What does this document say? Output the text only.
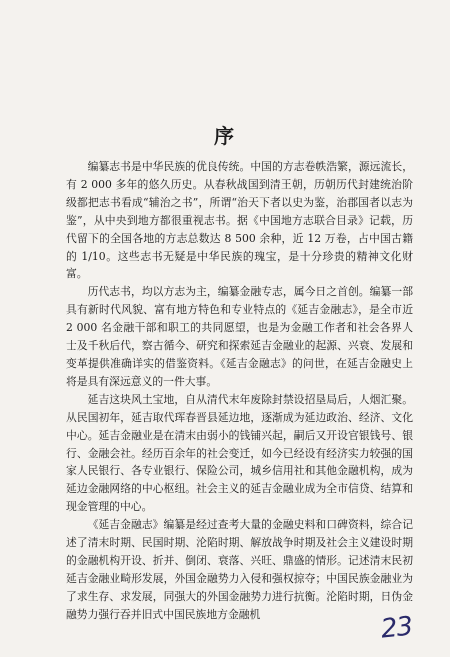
序

编纂志书是中华民族的优良传统。中国的方志卷帙浩繁，源远流长，有 2 000 多年的悠久历史。从春秋战国到清王朝，历朝历代封建统治阶级都把志书看成“辅治之书”，所谓“治天下者以史为鉴，治郡国者以志为鉴”，从中央到地方都很重视志书。据《中国地方志联合目录》记载，历代留下的全国各地的方志总数达 8 500 余种，近 12 万卷，占中国古籍的 1/10。这些志书无疑是中华民族的瑰宝，是十分珍贵的精神文化财富。

历代志书，均以方志为主，编纂金融专志，属今日之首创。编纂一部具有新时代风貌、富有地方特色和专业特点的《延吉金融志》，是全市近 2 000 名金融干部和职工的共同愿望，也是为金融工作者和社会各界人士及千秋后代，察古循今、研究和探索延吉金融业的起源、兴衰、发展和变革提供准确详实的借鉴资料。《延吉金融志》的问世，在延吉金融史上将是具有深远意义的一件大事。

延吉这块风土宝地，自从清代末年废除封禁设招垦局后，人烟汇聚。从民国初年，延吉取代珲春晋县延边地，逐渐成为延边政治、经济、文化中心。延吉金融业是在清末由弱小的钱铺兴起，嗣后又开设官银钱号、银行、金融会社。经历百余年的社会变迁，如今已经设有经济实力较强的国家人民银行、各专业银行、保险公司，城乡信用社和其他金融机构，成为延边金融网络的中心枢纽。社会主义的延吉金融业成为全市信贷、结算和现金管理的中心。

《延吉金融志》编纂是经过查考大量的金融史料和口碑资料，综合记述了清末时期、民国时期、沦陷时期、解放战争时期及社会主义建设时期的金融机构开设、折并、倒闭、衰落、兴旺、鼎盛的情形。记述清末民初延吉金融业畸形发展，外国金融势力入侵和强权掠夺；中国民族金融业为了求生存、求发展，同强大的外国金融势力进行抗衡。沦陷时期，日伪金融势力强行吞并旧式中国民族地方金融机	23
